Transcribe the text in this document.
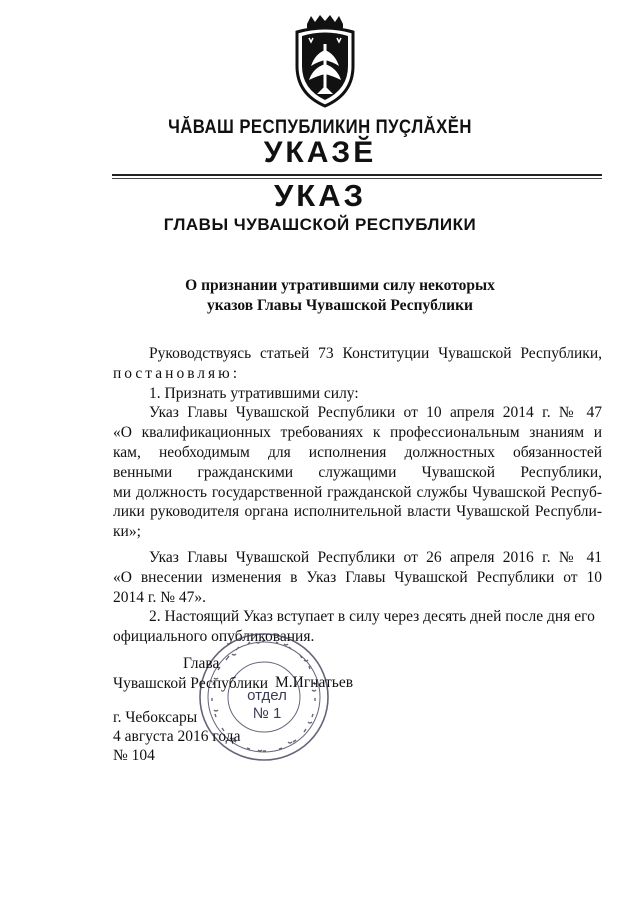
ЧĂВАШ РЕСПУБЛИКИН ПУÇЛĂХĔН
УКАЗĔ
УКАЗ
ГЛАВЫ ЧУВАШСКОЙ РЕСПУБЛИКИ
О признании утратившими силу некоторых
указов Главы Чувашской Республики
Руководствуясь статьей 73 Конституции Чувашской Республики,
постановляю:
1. Признать утратившими силу:
Указ Главы Чувашской Республики от 10 апреля 2014 г. № 47
«О квалификационных требованиях к профессиональным знаниям и
кам, необходимым для исполнения должностных обязанностей
венными гражданскими служащими Чувашской Республики,
ми должность государственной гражданской службы Чувашской Респуб-
лики руководителя органа исполнительной власти Чувашской Республи-
ки»;
Указ Главы Чувашской Республики от 26 апреля 2016 г. № 41
«О внесении изменения в Указ Главы Чувашской Республики от 10
2014 г. № 47».
2. Настоящий Указ вступает в силу через десять дней после дня его
официального опубликования.
отдел
№ 1
Глава
Чувашской Республики М.Игнатьев
г. Чебоксары
4 августа 2016 года
№ 104
